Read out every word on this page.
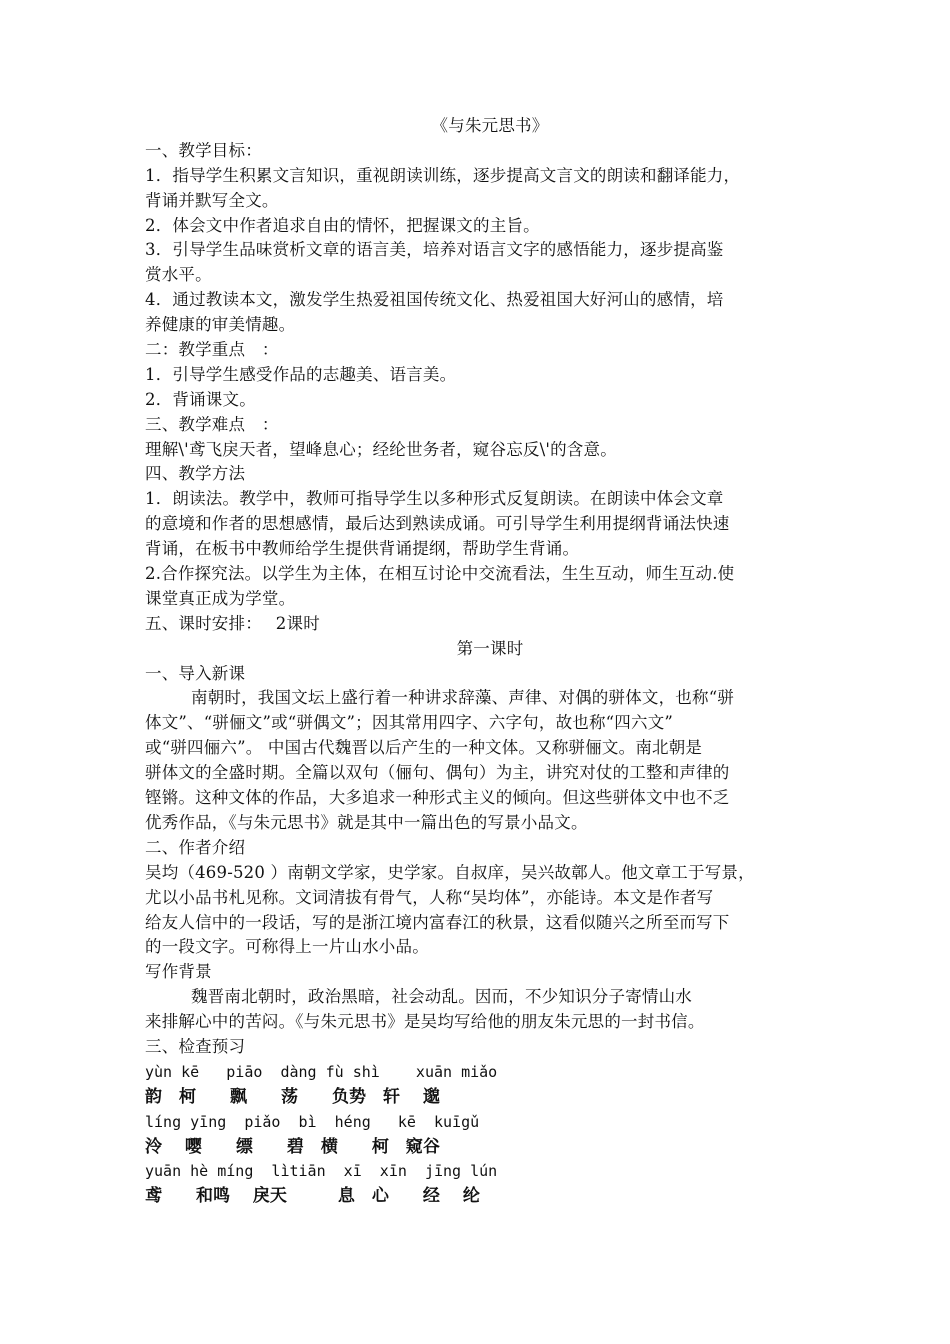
《与朱元思书》
一、教学目标：
1．指导学生积累文言知识，重视朗读训练，逐步提高文言文的朗读和翻译能力，
背诵并默写全文。
2．体会文中作者追求自由的情怀，把握课文的主旨。
3．引导学生品味赏析文章的语言美，培养对语言文字的感悟能力，逐步提高鉴
赏水平。
4．通过教读本文，激发学生热爱祖国传统文化、热爱祖国大好河山的感情，培
养健康的审美情趣。
二：教学重点　：
1．引导学生感受作品的志趣美、语言美。
2．背诵课文。
三、教学难点　：
理解\'鸢飞戾天者，望峰息心；经纶世务者，窥谷忘反\'的含意。
四、教学方法
1．朗读法。教学中，教师可指导学生以多种形式反复朗读。在朗读中体会文章
的意境和作者的思想感情，最后达到熟读成诵。可引导学生利用提纲背诵法快速
背诵，在板书中教师给学生提供背诵提纲，帮助学生背诵。
2.合作探究法。以学生为主体，在相互讨论中交流看法，生生互动，师生互动.使
课堂真正成为学堂。
五、课时安排：　 2课时
第一课时
一、导入新课
南朝时，我国文坛上盛行着一种讲求辞藻、声律、对偶的骈体文，也称“骈
体文”、“骈俪文”或“骈偶文”；因其常用四字、六字句，故也称“四六文”
或“骈四俪六”。 中国古代魏晋以后产生的一种文体。又称骈俪文。南北朝是
骈体文的全盛时期。全篇以双句（俪句、偶句）为主，讲究对仗的工整和声律的
铿锵。这种文体的作品，大多追求一种形式主义的倾向。但这些骈体文中也不乏
优秀作品，《与朱元思书》就是其中一篇出色的写景小品文。
二、作者介绍
吴均（469-520 ）南朝文学家，史学家。自叔庠，吴兴故鄣人。他文章工于写景，
尤以小品书札见称。文词清拔有骨气，人称“吴均体”，亦能诗。本文是作者写
给友人信中的一段话，写的是浙江境内富春江的秋景，这看似随兴之所至而写下
的一段文字。可称得上一片山水小品。
写作背景
魏晋南北朝时，政治黑暗，社会动乱。因而，不少知识分子寄情山水
来排解心中的苦闷。《与朱元思书》是吴均写给他的朋友朱元思的一封书信。
三、检查预习
yùn kē   piāo  dàng fù shì    xuān miǎo
韵　柯　　飘　　荡　　负势　轩　 邈
líng yīng  piǎo  bì  héng   kē  kuīgǔ
泠　 嘤　　缥　　碧　横　　柯　窥谷
yuān hè míng  lìtiān  xī  xīn  jīng lún
鸢　　和鸣　 戾天　　　息　心　　经　 纶
